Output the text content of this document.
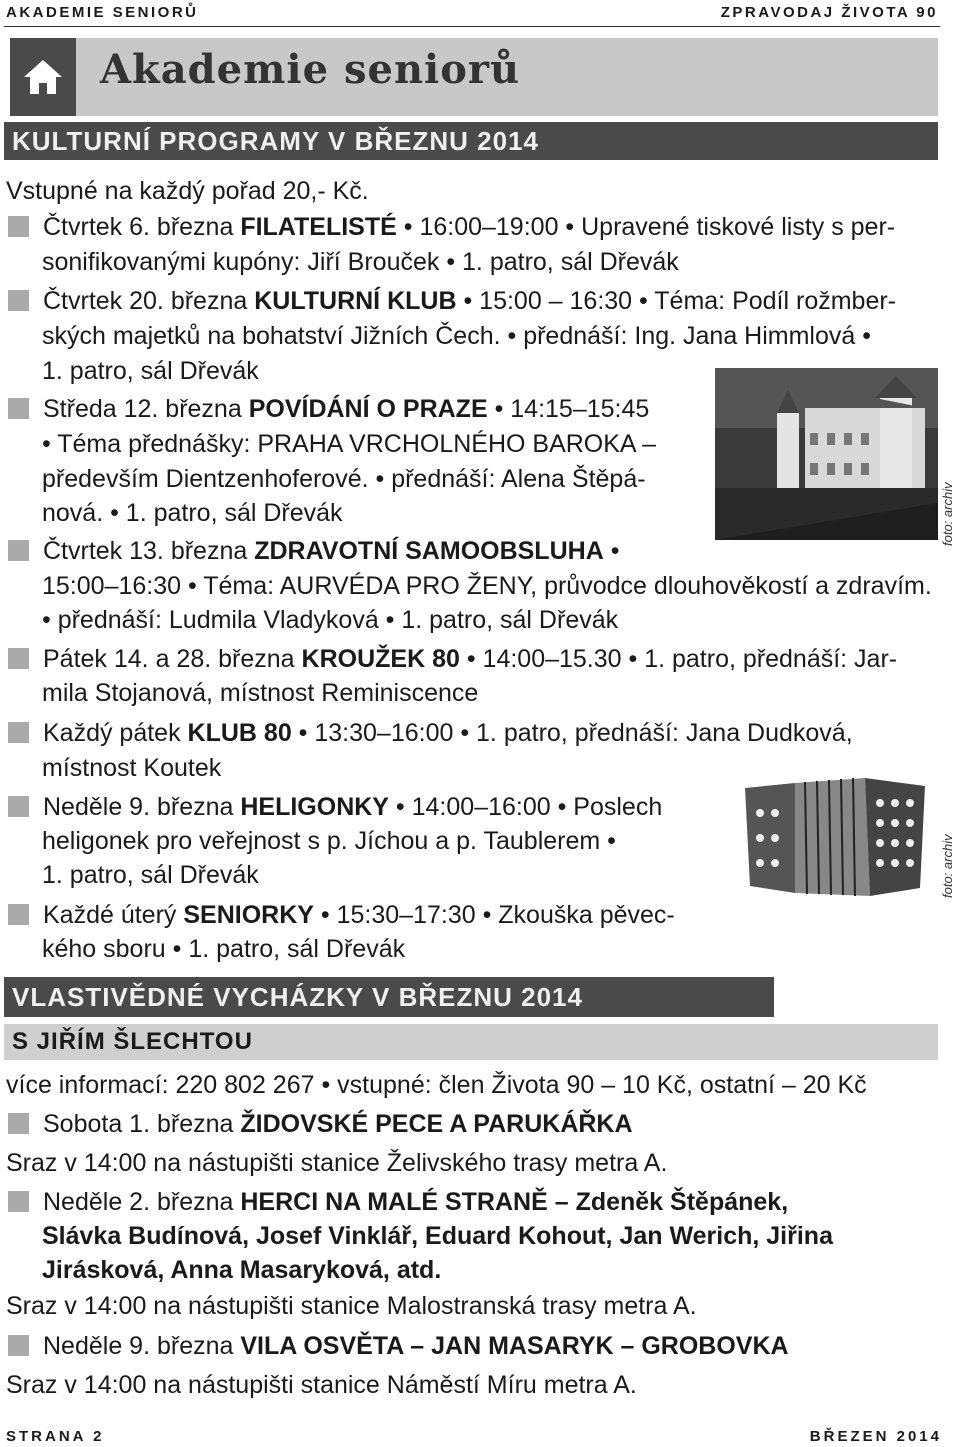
AKADEMIE SENIORŮ	ZPRAVODAJ ŽIVOTA 90
Akademie seniorů
KULTURNÍ PROGRAMY V BŘEZNU 2014
Vstupné na každý pořad 20,- Kč.
Čtvrtek 6. března FILATELISTÉ • 16:00–19:00 • Upravené tiskové listy s per-
sonifikovanými kupóny: Jiří Brouček • 1. patro, sál Dřevák
Čtvrtek 20. března KULTURNÍ KLUB • 15:00 – 16:30 • Téma: Podíl rožmber-
ských majetků na bohatství Jižních Čech. • přednáší: Ing. Jana Himmlová •
1. patro, sál Dřevák
Středa 12. března POVÍDÁNÍ O PRAZE • 14:15–15:45
• Téma přednášky: PRAHA VRCHOLNÉHO BAROKA –
především Dientzenhoferové. • přednáší: Alena Štěpá-
nová. • 1. patro, sál Dřevák
Čtvrtek 13. března ZDRAVOTNÍ SAMOOBSLUHA •
15:00–16:30 • Téma: AURVÉDA PRO ŽENY, průvodce dlouhověkostí a zdravím.
• přednáší: Ludmila Vladyková • 1. patro, sál Dřevák
Pátek 14. a 28. března KROUŽEK 80 • 14:00–15.30 • 1. patro, přednáší: Jar-
mila Stojanová, místnost Reminiscence
Každý pátek KLUB 80 • 13:30–16:00 • 1. patro, přednáší: Jana Dudková,
místnost Koutek
Neděle 9. března HELIGONKY • 14:00–16:00 • Poslech
heligonek pro veřejnost s p. Jíchou a p. Taublerem •
1. patro, sál Dřevák
Každé úterý SENIORKY • 15:30–17:30 • Zkouška pěvec-
kého sboru • 1. patro, sál Dřevák
foto: archiv
foto: archiv
VLASTIVĚDNÉ VYCHÁZKY V BŘEZNU 2014
S JIŘÍM ŠLECHTOU
více informací: 220 802 267 • vstupné: člen Života 90 – 10 Kč, ostatní – 20 Kč
Sobota 1. března ŽIDOVSKÉ PECE A PARUKÁŘKA
Sraz v 14:00 na nástupišti stanice Želivského trasy metra A.
Neděle 2. března HERCI NA MALÉ STRANĚ – Zdeněk Štěpánek,
Slávka Budínová, Josef Vinklář, Eduard Kohout, Jan Werich, Jiřina
Jirásková, Anna Masaryková, atd.
Sraz v 14:00 na nástupišti stanice Malostranská trasy metra A.
Neděle 9. března VILA OSVĚTA – JAN MASARYK – GROBOVKA
Sraz v 14:00 na nástupišti stanice Náměstí Míru metra A.
STRANA 2	BŘEZEN 2014
